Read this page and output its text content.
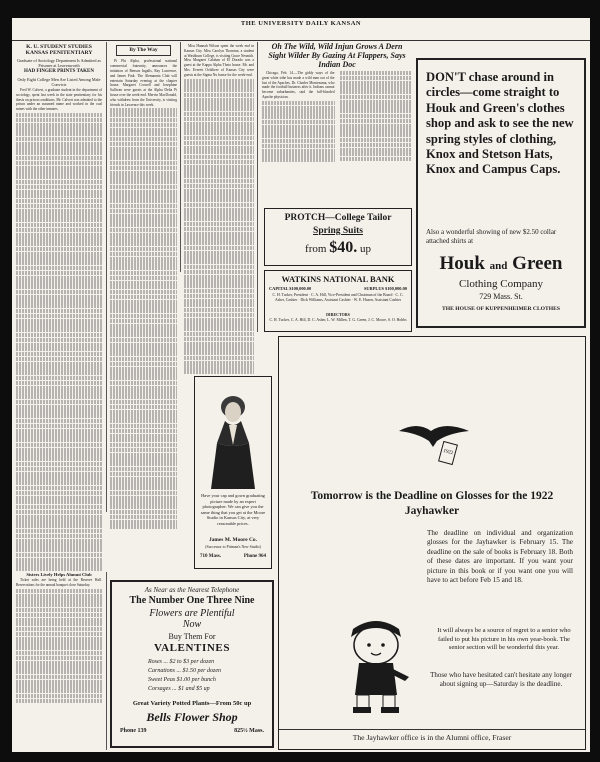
THE UNIVERSITY DAILY KANSAN

K. U. STUDENT STUDIES KANSAS PENITENTIARY

Graduate of Sociology Department Is Admitted as Prisoner at Leavenworth

HAD FINGER PRINTS TAKEN

Only Eight College Men Are Listed Among Male Convicts

Fred W. Calvert, a graduate student in the department of sociology, spent last week in the state penitentiary for his thesis on prison conditions. Mr. Calvert was admitted to the prison under an assumed name and worked in the coal mines with the other inmates.

Sisters Lively Helps Alumni Club

Ticket sales are being held at the Reserve Hall. Reservations for the annual banquet close Saturday.

By The Way

Pi Phi Alpha, professional national commercial fraternity, announces the initiation of Benson Ingalls, Ray Lawrence, and James Fink. The Alemannia Club will entertain Saturday evening at the chapter house. Margaret Crowell and Josephine Sullivan were guests at the Alpha Delta Pi house over the week-end. Mervin MacDonald, who withdrew from the University, is visiting friends in Lawrence this week.

Miss Hannah Wilson spent the week end in Kansas City. Miss Carolyn Thornton, a student at Washburn College, is visiting Grace Nesmith. Miss Margaret Calahan of El Dorado was a guest at the Kappa Alpha Theta house. Mr. and Mrs. Everett Ochiltree of Kansas City were guests at the Sigma Nu house for the week-end.

Oh The Wild, Wild Injun Grows A Dern Sight Wilder By Gazing At Flappers, Says Indian Doc

Chicago, Feb. 14.—The giddy ways of the great white tribe has made a wild man out of the last of the Apaches, Dr. Charles Montezuma, who made the football business after it. Indians cannot become suburbanites, said the full-blooded Apache physician.

PROTCH—College Tailor
Spring Suits
from $40. up
WATKINS NATIONAL BANK
CAPITAL $100,000.00	SURPLUS $100,000.00
C. H. Tucker, President · C. A. Hill, Vice-President and Chairman of the Board · C. C. Asher, Cashier · Dick Williams, Assistant Cashier · W. E. Hazen, Assistant Cashier
DIRECTORS
C. H. Tucker, C. A. Hill, D. C. Asher, L. W. Millen, T. G. Green, J. C. Moore, S. O. Hobbs
DON'T chase around in circles—come straight to Houk and Green's clothes shop and ask to see the new spring styles of clothing, Knox and Stetson Hats, Knox and Campus Caps.
Also a wonderful showing of new $2.50 collar attached shirts at
Houk and Green
Clothing Company
729 Mass. St.
THE HOUSE OF KUPPENHEIMER CLOTHES
Have your cap and gown graduating picture made by an expert photographer. We can give you the same thing that you get at the Moore Studio in Kansas City, at very reasonable prices.
James M. Moore Co.
(Successor to Pittman's New Studio)
710 Mass.	Phone 964
As Near as the Nearest Telephone
The Number One Three Nine
Flowers are Plentiful Now
Buy Them For
VALENTINES
Roses ... $2 to $3 per dozen
Carnations ... $1.50 per dozen
Sweet Peas $1.00 per bunch
Corsages ... $1 and $5 up
Great Variety Potted Plants—From 50c up
Bells Flower Shop
Phone 139	825½ Mass.
1922
Tomorrow is the Deadline on Glosses for the 1922 Jayhawker
The deadline on individual and organization glosses for the Jayhawker is February 15. The deadline on the sale of books is February 18. Both of these dates are important. If you want your picture in this book or if you want one you will have to act before Feb 15 and 18.
It will always be a source of regret to a senior who failed to put his picture in his own year-book. The senior section will be wonderful this year.
Those who have hesitated can't hesitate any longer about signing up—Saturday is the deadline.
The Jayhawker office is in the Alumni office, Fraser
